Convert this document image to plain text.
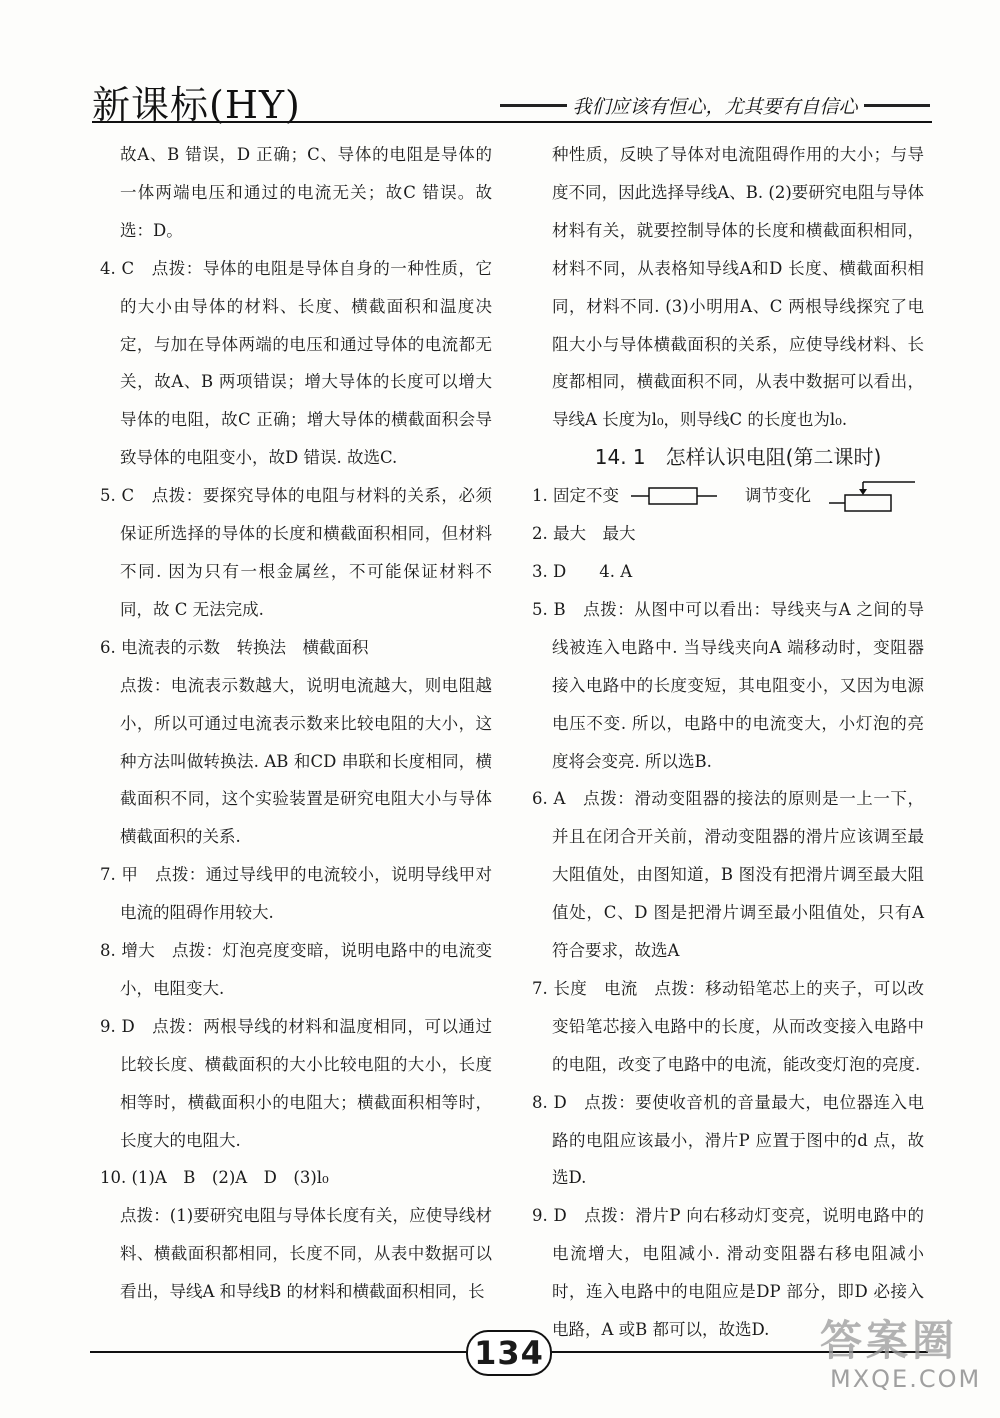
新课标(HY)	我们应该有恒心，尤其要有自信心

故A、B 错误，D 正确；C、导体的电阻是导体的一体两端电压和通过的电流无关；故C 错误。故选：D。

4. C　点拨：导体的电阻是导体自身的一种性质，它的大小由导体的材料、长度、横截面积和温度决定，与加在导体两端的电压和通过导体的电流都无关，故A、B 两项错误；增大导体的长度可以增大导体的电阻，故C 正确；增大导体的横截面积会导致导体的电阻变小，故D 错误. 故选C.

5. C　点拨：要探究导体的电阻与材料的关系，必须保证所选择的导体的长度和横截面积相同，但材料不同. 因为只有一根金属丝，不可能保证材料不同，故 C 无法完成.

6. 电流表的示数　转换法　横截面积

点拨：电流表示数越大，说明电流越大，则电阻越小，所以可通过电流表示数来比较电阻的大小，这种方法叫做转换法. AB 和CD 串联和长度相同，横截面积不同，这个实验装置是研究电阻大小与导体横截面积的关系.

7. 甲　点拨：通过导线甲的电流较小，说明导线甲对电流的阻碍作用较大.

8. 增大　点拨：灯泡亮度变暗，说明电路中的电流变小，电阻变大.

9. D　点拨：两根导线的材料和温度相同，可以通过比较长度、横截面积的大小比较电阻的大小，长度相等时，横截面积小的电阻大；横截面积相等时，长度大的电阻大.

10. (1)A　B　(2)A　D　(3)l₀

点拨：(1)要研究电阻与导体长度有关，应使导线材料、横截面积都相同，长度不同，从表中数据可以看出，导线A 和导线B 的材料和横截面积相同，长

种性质，反映了导体对电流阻碍作用的大小；与导度不同，因此选择导线A、B. (2)要研究电阻与导体材料有关，就要控制导体的长度和横截面积相同，材料不同，从表格知导线A和D 长度、横截面积相同，材料不同. (3)小明用A、C 两根导线探究了电阻大小与导体横截面积的关系，应使导线材料、长度都相同，横截面积不同，从表中数据可以看出，导线A 长度为l₀，则导线C 的长度也为l₀.

14. 1　怎样认识电阻(第二课时)
1. 固定不变	调节变化

2. 最大　最大

3. D　　4. A

5. B　点拨：从图中可以看出：导线夹与A 之间的导线被连入电路中. 当导线夹向A 端移动时，变阻器接入电路中的长度变短，其电阻变小，又因为电源电压不变. 所以，电路中的电流变大，小灯泡的亮度将会变亮. 所以选B.

6. A　点拨：滑动变阻器的接法的原则是一上一下，并且在闭合开关前，滑动变阻器的滑片应该调至最大阻值处，由图知道，B 图没有把滑片调至最大阻值处，C、D 图是把滑片调至最小阻值处，只有A 符合要求，故选A

7. 长度　电流　点拨：移动铅笔芯上的夹子，可以改变铅笔芯接入电路中的长度，从而改变接入电路中的电阻，改变了电路中的电流，能改变灯泡的亮度.

8. D　点拨：要使收音机的音量最大，电位器连入电路的电阻应该最小，滑片P 应置于图中的d 点，故选D.

9. D　点拨：滑片P 向右移动灯变亮，说明电路中的电流增大，电阻减小. 滑动变阻器右移电阻减小时，连入电路中的电阻应是DP 部分，即D 必接入电路，A 或B 都可以，故选D.

134	答案圈
MXQE.COM
